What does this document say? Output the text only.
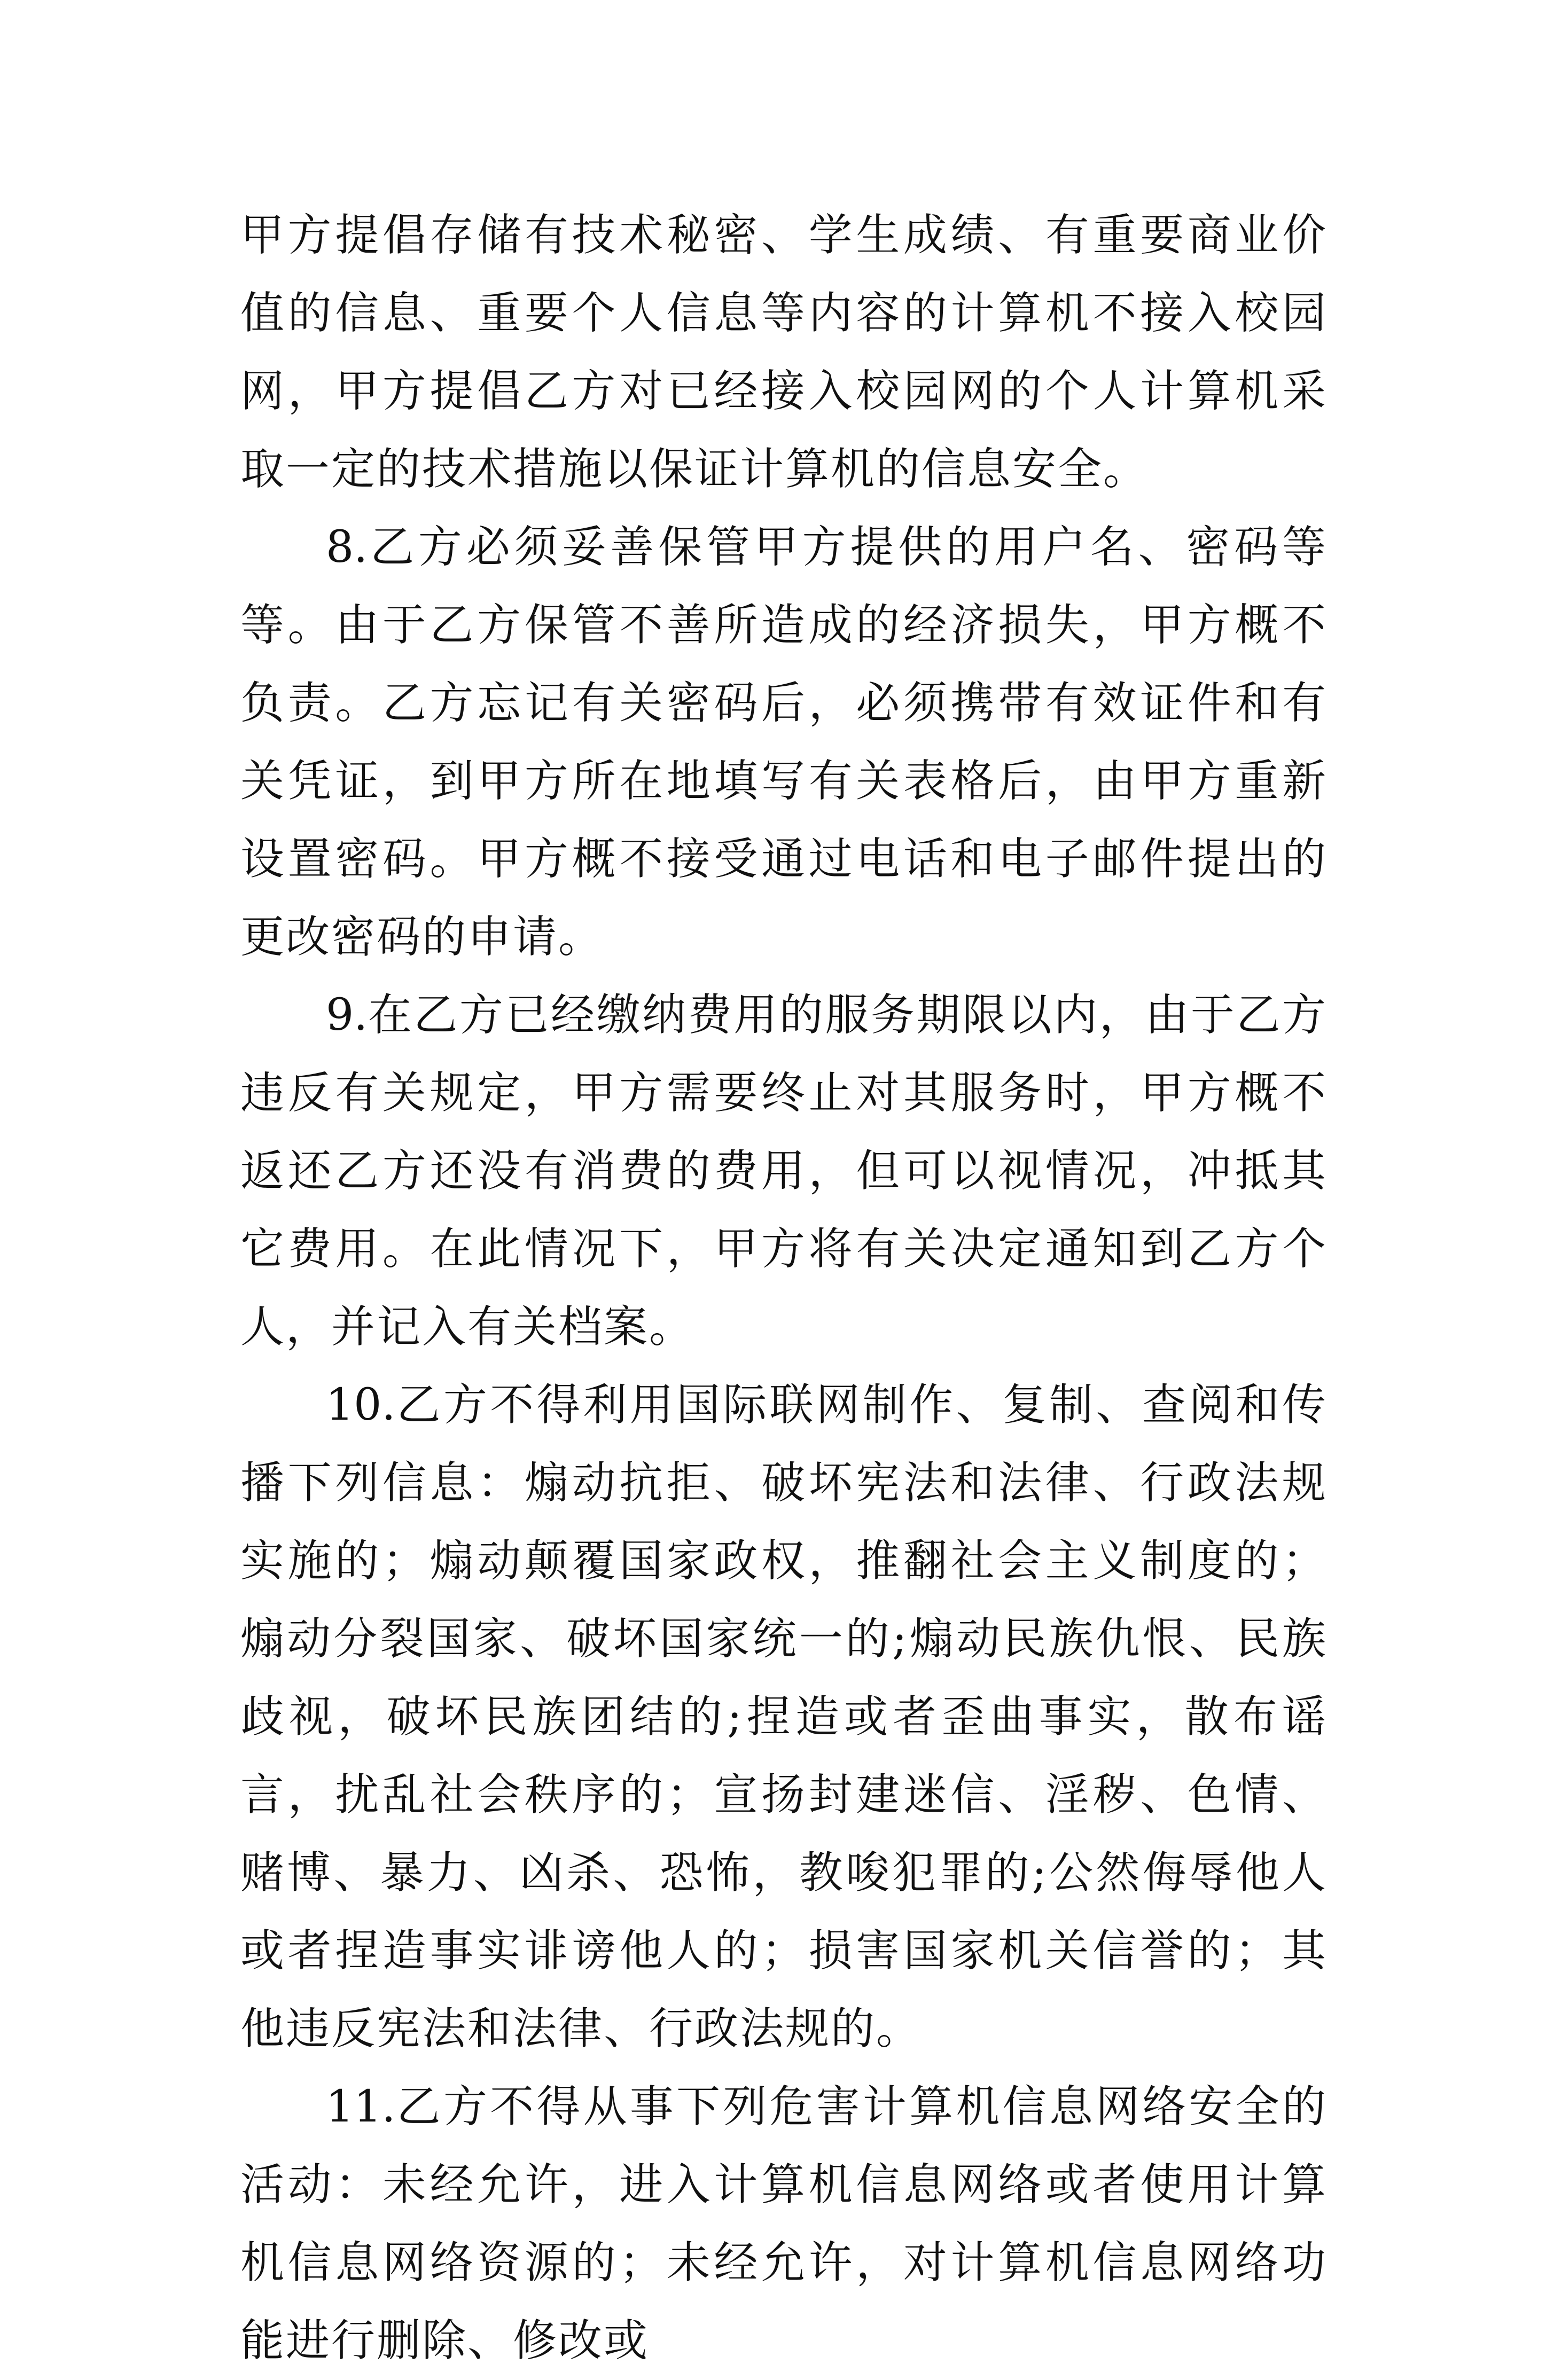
甲方提倡存储有技术秘密、学生成绩、有重要商业价值的信息、重要个人信息等内容的计算机不接入校园网，甲方提倡乙方对已经接入校园网的个人计算机采取一定的技术措施以保证计算机的信息安全。

8.乙方必须妥善保管甲方提供的用户名、密码等等。由于乙方保管不善所造成的经济损失，甲方概不负责。乙方忘记有关密码后，必须携带有效证件和有关凭证，到甲方所在地填写有关表格后，由甲方重新设置密码。甲方概不接受通过电话和电子邮件提出的更改密码的申请。

9.在乙方已经缴纳费用的服务期限以内，由于乙方违反有关规定，甲方需要终止对其服务时，甲方概不返还乙方还没有消费的费用，但可以视情况，冲抵其它费用。在此情况下，甲方将有关决定通知到乙方个人，并记入有关档案。

10.乙方不得利用国际联网制作、复制、查阅和传播下列信息：煽动抗拒、破坏宪法和法律、行政法规实施的；煽动颠覆国家政权，推翻社会主义制度的；煽动分裂国家、破坏国家统一的;煽动民族仇恨、民族歧视，破坏民族团结的;捏造或者歪曲事实，散布谣言，扰乱社会秩序的；宣扬封建迷信、淫秽、色情、赌博、暴力、凶杀、恐怖，教唆犯罪的;公然侮辱他人或者捏造事实诽谤他人的；损害国家机关信誉的；其他违反宪法和法律、行政法规的。

11.乙方不得从事下列危害计算机信息网络安全的活动：未经允许，进入计算机信息网络或者使用计算机信息网络资源的；未经允许，对计算机信息网络功能进行删除、修改或
